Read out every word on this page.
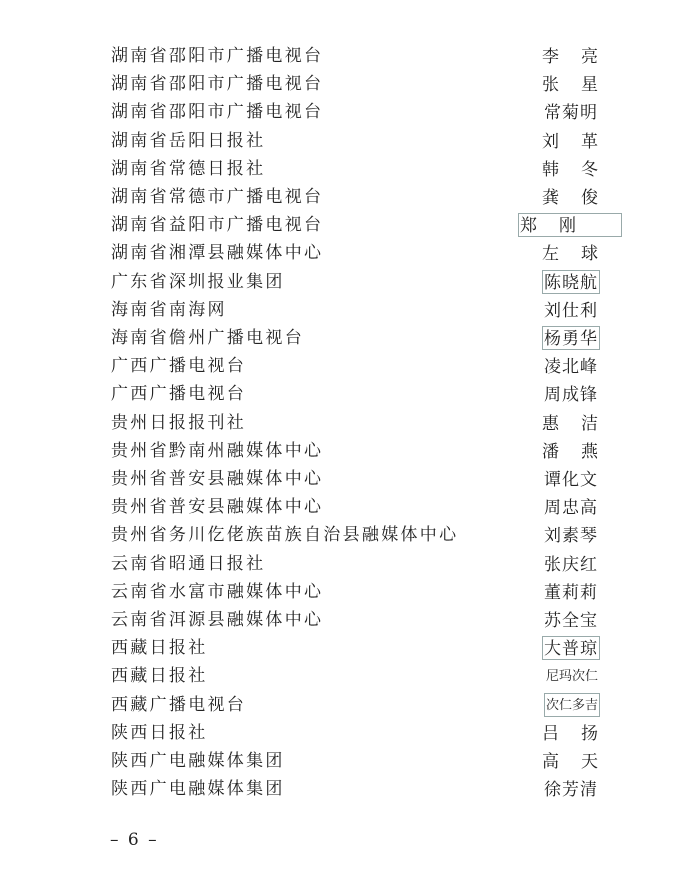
湖南省邵阳市广播电视台	李亮
湖南省邵阳市广播电视台	张星
湖南省邵阳市广播电视台	常菊明
湖南省岳阳日报社	刘革
湖南省常德日报社	韩冬
湖南省常德市广播电视台	龚俊
湖南省益阳市广播电视台	郑刚
湖南省湘潭县融媒体中心	左球
广东省深圳报业集团	陈晓航
海南省南海网	刘仕利
海南省儋州广播电视台	杨勇华
广西广播电视台	凌北峰
广西广播电视台	周成锋
贵州日报报刊社	惠洁
贵州省黔南州融媒体中心	潘燕
贵州省普安县融媒体中心	谭化文
贵州省普安县融媒体中心	周忠高
贵州省务川仡佬族苗族自治县融媒体中心	刘素琴
云南省昭通日报社	张庆红
云南省水富市融媒体中心	董莉莉
云南省洱源县融媒体中心	苏全宝
西藏日报社	大普琼
西藏日报社	尼玛次仁
西藏广播电视台	次仁多吉
陕西日报社	吕扬
陕西广电融媒体集团	高天
陕西广电融媒体集团	徐芳清
– 6 –
